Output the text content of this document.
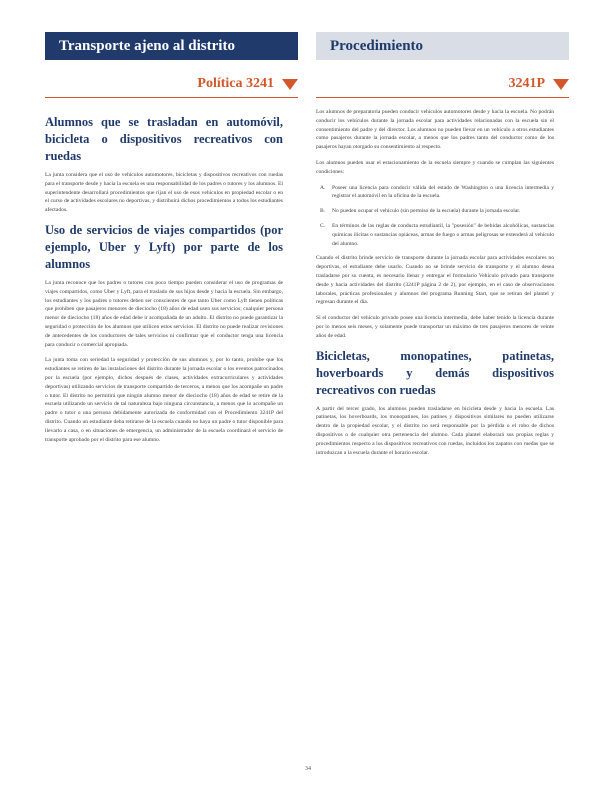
Transporte ajeno al distrito	Procedimiento
Política 3241	3241P
Alumnos que se trasladan en automóvil, bicicleta o dispositivos recreativos con ruedas

La junta considera que el uso de vehículos automotores, bicicletas y dispositivos recreativos con ruedas para el transporte desde y hacia la escuela es una responsabilidad de los padres o tutores y los alumnos. El superintendente desarrollará procedimientos que rijan el uso de esos vehículos en propiedad escolar o en el curso de actividades escolares no deportivas, y distribuirá dichos procedimientos a todos los estudiantes afectados.

Uso de servicios de viajes compartidos (por ejemplo, Uber y Lyft) por parte de los alumnos

La junta reconoce que los padres o tutores con poco tiempo pueden considerar el uso de programas de viajes compartidos, como Uber y Lyft, para el traslado de sus hijos desde y hacia la escuela. Sin embargo, los estudiantes y los padres o tutores deben ser conscientes de que tanto Uber como Lyft tienen políticas que prohíben que pasajeros menores de dieciocho (18) años de edad usen sus servicios; cualquier persona menor de dieciocho (18) años de edad debe ir acompañada de un adulto. El distrito no puede garantizar la seguridad o protección de los alumnos que utilicen estos servicios. El distrito no puede realizar revisiones de antecedentes de los conductores de tales servicios ni confirmar que el conductor tenga una licencia para conducir o comercial apropiada.

La junta toma con seriedad la seguridad y protección de sus alumnos y, por lo tanto, prohíbe que los estudiantes se retiren de las instalaciones del distrito durante la jornada escolar o los eventos patrocinados por la escuela (por ejemplo, dichos después de clases, actividades extracurriculares y actividades deportivas) utilizando servicios de transporte compartido de terceros, a menos que los acompañe un padre o tutor. El distrito no permitirá que ningún alumno menor de dieciocho (18) años de edad se retire de la escuela utilizando un servicio de tal naturaleza bajo ninguna circunstancia, a menos que lo acompañe un padre o tutor o una persona debidamente autorizada de conformidad con el Procedimiento 3241P del distrito. Cuando un estudiante deba retirarse de la escuela cuando no haya un padre o tutor disponible para llevarlo a casa, o en situaciones de emergencia, un administrador de la escuela coordinará el servicio de transporte aprobado por el distrito para ese alumno.

Los alumnos de preparatoria pueden conducir vehículos automotores desde y hacia la escuela. No podrán conducir los vehículos durante la jornada escolar para actividades relacionadas con la escuela sin el consentimiento del padre y del director. Los alumnos no pueden llevar en un vehículo a otros estudiantes como pasajeros durante la jornada escolar, a menos que los padres tanto del conductor como de los pasajeros hayan otorgado su consentimiento al respecto.

Los alumnos pueden usar el estacionamiento de la escuela siempre y cuando se cumplan las siguientes condiciones:

A.	Poseer una licencia para conducir válida del estado de Washington o una licencia intermedia y registrar el automóvil en la oficina de la escuela.
B.	No pueden ocupar el vehículo (sin permiso de la escuela) durante la jornada escolar.
C.	En términos de las reglas de conducta estudiantil, la "posesión" de bebidas alcohólicas, sustancias químicas ilícitas o sustancias opiáceas, armas de fuego o armas peligrosas se extenderá al vehículo del alumno.

Cuando el distrito brinde servicio de transporte durante la jornada escolar para actividades escolares no deportivas, el estudiante debe usarlo. Cuando no se brinde servicio de transporte y el alumno desea trasladarse por su cuenta, es necesario llenar y entregar el formulario Vehículo privado para transporte desde y hacia actividades del distrito (3241P página 2 de 2), por ejemplo, en el caso de observaciones laborales, prácticas profesionales y alumnos del programa Running Start, que se retiran del plantel y regresan durante el día.

Si el conductor del vehículo privado posee una licencia intermedia, debe haber tenido la licencia durante por lo menos seis meses, y solamente puede transportar un máximo de tres pasajeros menores de veinte años de edad.

Bicicletas, monopatines, patinetas, hoverboards y demás dispositivos recreativos con ruedas

A partir del tercer grado, los alumnos pueden trasladarse en bicicleta desde y hacia la escuela. Las patinetas, los hoverboards, los monopatines, los patines y dispositivos similares no pueden utilizarse dentro de la propiedad escolar, y el distrito no será responsable por la pérdida o el robo de dichos dispositivos o de cualquier otra pertenencia del alumno. Cada plantel elaborará sus propias reglas y procedimientos respecto a los dispositivos recreativos con ruedas, incluidos los zapatos con ruedas que se introduzcan a la escuela durante el horario escolar.

34
